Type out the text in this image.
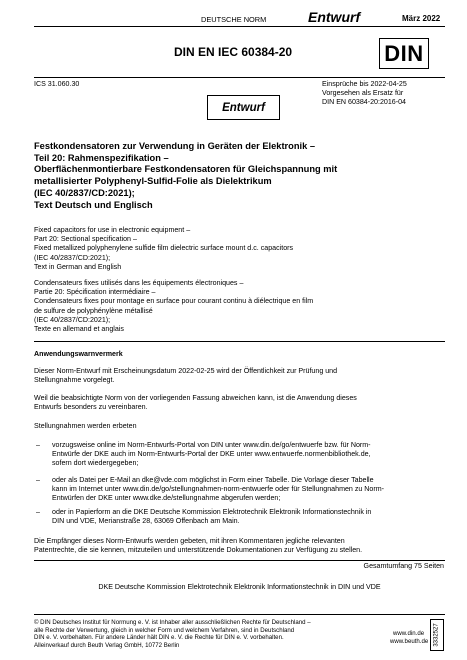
DEUTSCHE NORM	Entwurf	März 2022
DIN EN IEC 60384-20	DIN
ICS 31.060.30	Einsprüche bis 2022-04-25
Vorgesehen als Ersatz für
DIN EN 60384-20:2016-04
Entwurf
Festkondensatoren zur Verwendung in Geräten der Elektronik –
Teil 20: Rahmenspezifikation –
Oberflächenmontierbare Festkondensatoren für Gleichspannung mit
metallisierter Polyphenyl-Sulfid-Folie als Dielektrikum
(IEC 40/2837/CD:2021);
Text Deutsch und Englisch
Fixed capacitors for use in electronic equipment –
Part 20: Sectional specification –
Fixed metallized polyphenylene sulfide film dielectric surface mount d.c. capacitors
(IEC 40/2837/CD:2021);
Text in German and English
Condensateurs fixes utilisés dans les équipements électroniques –
Partie 20: Spécification intermédiaire –
Condensateurs fixes pour montage en surface pour courant continu à diélectrique en film
de sulfure de polyphénylène métallisé
(IEC 40/2837/CD:2021);
Texte en allemand et anglais
Anwendungswarnvermerk
Dieser Norm-Entwurf mit Erscheinungsdatum 2022-02-25 wird der Öffentlichkeit zur Prüfung und
Stellungnahme vorgelegt.
Weil die beabsichtigte Norm von der vorliegenden Fassung abweichen kann, ist die Anwendung dieses
Entwurfs besonders zu vereinbaren.
Stellungnahmen werden erbeten
– vorzugsweise online im Norm-Entwurfs-Portal von DIN unter www.din.de/go/entwuerfe bzw. für Norm-
Entwürfe der DKE auch im Norm-Entwurfs-Portal der DKE unter www.entwuerfe.normenbibliothek.de,
sofern dort wiedergegeben;
– oder als Datei per E-Mail an dke@vde.com möglichst in Form einer Tabelle. Die Vorlage dieser Tabelle
kann im Internet unter www.din.de/go/stellungnahmen-norm-entwuerfe oder für Stellungnahmen zu Norm-
Entwürfen der DKE unter www.dke.de/stellungnahme abgerufen werden;
– oder in Papierform an die DKE Deutsche Kommission Elektrotechnik Elektronik Informationstechnik in
DIN und VDE, Merianstraße 28, 63069 Offenbach am Main.
Die Empfänger dieses Norm-Entwurfs werden gebeten, mit ihren Kommentaren jegliche relevanten
Patentrechte, die sie kennen, mitzuteilen und unterstützende Dokumentationen zur Verfügung zu stellen.
Gesamtumfang 75 Seiten
DKE Deutsche Kommission Elektrotechnik Elektronik Informationstechnik in DIN und VDE
© DIN Deutsches Institut für Normung e. V. ist Inhaber aller ausschließlichen Rechte für Deutschland –
alle Rechte der Verwertung, gleich in welcher Form und welchem Verfahren, sind in Deutschland
DIN e. V. vorbehalten. Für andere Länder hält DIN e. V. die Rechte für DIN e. V. vorbehalten.
Alleinverkauf durch Beuth Verlag GmbH, 10772 Berlin
www.din.de
www.beuth.de 3332527
